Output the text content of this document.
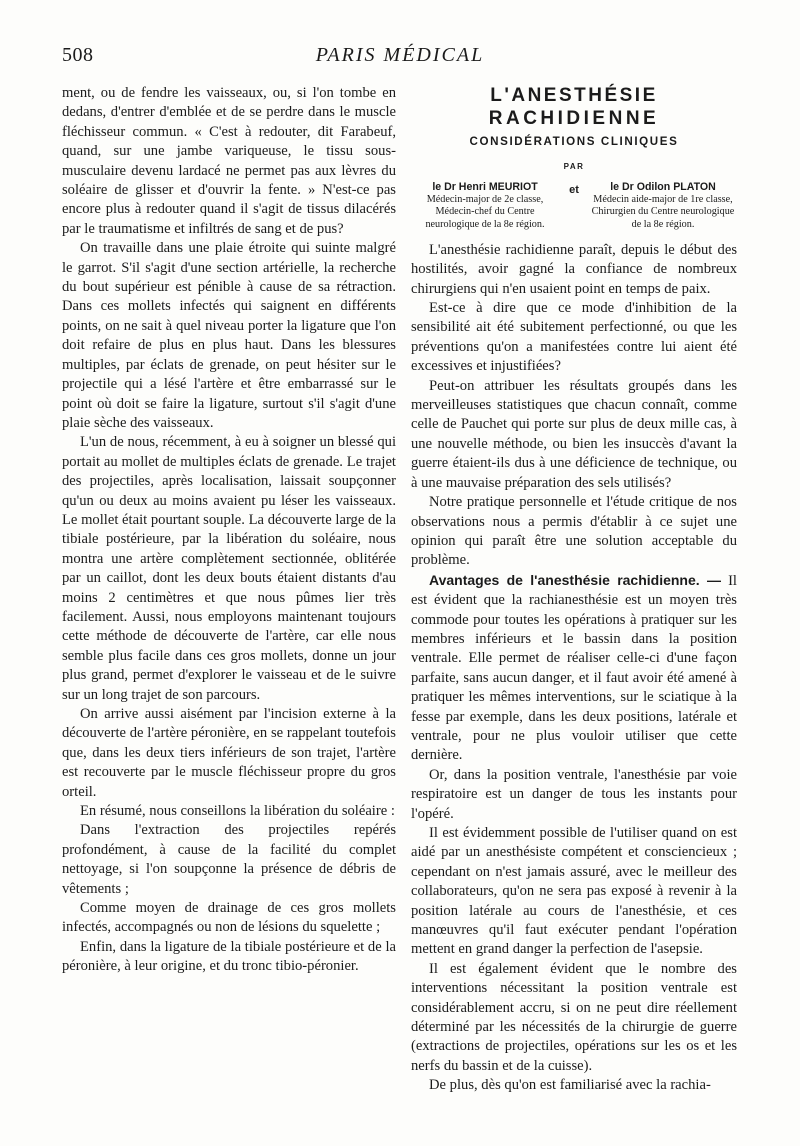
508	PARIS MÉDICAL

ment, ou de fendre les vaisseaux, ou, si l'on tombe en dedans, d'entrer d'emblée et de se perdre dans le muscle fléchisseur commun. « C'est à redouter, dit Farabeuf, quand, sur une jambe variqueuse, le tissu sous-musculaire devenu lardacé ne permet pas aux lèvres du soléaire de glisser et d'ouvrir la fente. » N'est-ce pas encore plus à redouter quand il s'agit de tissus dilacérés par le traumatisme et infiltrés de sang et de pus?

On travaille dans une plaie étroite qui suinte malgré le garrot. S'il s'agit d'une section artérielle, la recherche du bout supérieur est pénible à cause de sa rétraction. Dans ces mollets infectés qui saignent en différents points, on ne sait à quel niveau porter la ligature que l'on doit refaire de plus en plus haut. Dans les blessures multiples, par éclats de grenade, on peut hésiter sur le projectile qui a lésé l'artère et être embarrassé sur le point où doit se faire la ligature, surtout s'il s'agit d'une plaie sèche des vaisseaux.

L'un de nous, récemment, à eu à soigner un blessé qui portait au mollet de multiples éclats de grenade. Le trajet des projectiles, après localisation, laissait soupçonner qu'un ou deux au moins avaient pu léser les vaisseaux. Le mollet était pourtant souple. La découverte large de la tibiale postérieure, par la libération du soléaire, nous montra une artère complètement sectionnée, oblitérée par un caillot, dont les deux bouts étaient distants d'au moins 2 centimètres et que nous pûmes lier très facilement. Aussi, nous employons maintenant toujours cette méthode de découverte de l'artère, car elle nous semble plus facile dans ces gros mollets, donne un jour plus grand, permet d'explorer le vaisseau et de le suivre sur un long trajet de son parcours.

On arrive aussi aisément par l'incision externe à la découverte de l'artère péronière, en se rappelant toutefois que, dans les deux tiers inférieurs de son trajet, l'artère est recouverte par le muscle fléchisseur propre du gros orteil.

En résumé, nous conseillons la libération du soléaire :

Dans l'extraction des projectiles repérés profondément, à cause de la facilité du complet nettoyage, si l'on soupçonne la présence de débris de vêtements ;

Comme moyen de drainage de ces gros mollets infectés, accompagnés ou non de lésions du squelette ;

Enfin, dans la ligature de la tibiale postérieure et de la péronière, à leur origine, et du tronc tibio-péronier.

L'ANESTHÉSIE
RACHIDIENNE
CONSIDÉRATIONS CLINIQUES
PAR
le Dr Henri MEURIOT
Médecin-major de 2e classe, Médecin-chef du Centre neurologique de la 8e région.
et	le Dr Odilon PLATON
Médecin aide-major de 1re classe, Chirurgien du Centre neurologique de la 8e région.

L'anesthésie rachidienne paraît, depuis le début des hostilités, avoir gagné la confiance de nombreux chirurgiens qui n'en usaient point en temps de paix.

Est-ce à dire que ce mode d'inhibition de la sensibilité ait été subitement perfectionné, ou que les préventions qu'on a manifestées contre lui aient été excessives et injustifiées?

Peut-on attribuer les résultats groupés dans les merveilleuses statistiques que chacun connaît, comme celle de Pauchet qui porte sur plus de deux mille cas, à une nouvelle méthode, ou bien les insuccès d'avant la guerre étaient-ils dus à une déficience de technique, ou à une mauvaise préparation des sels utilisés?

Notre pratique personnelle et l'étude critique de nos observations nous a permis d'établir à ce sujet une opinion qui paraît être une solution acceptable du problème.

Avantages de l'anesthésie rachidienne. — Il est évident que la rachianesthésie est un moyen très commode pour toutes les opérations à pratiquer sur les membres inférieurs et le bassin dans la position ventrale. Elle permet de réaliser celle-ci d'une façon parfaite, sans aucun danger, et il faut avoir été amené à pratiquer les mêmes interventions, sur le sciatique à la fesse par exemple, dans les deux positions, latérale et ventrale, pour ne plus vouloir utiliser que cette dernière.

Or, dans la position ventrale, l'anesthésie par voie respiratoire est un danger de tous les instants pour l'opéré.

Il est évidemment possible de l'utiliser quand on est aidé par un anesthésiste compétent et consciencieux ; cependant on n'est jamais assuré, avec le meilleur des collaborateurs, qu'on ne sera pas exposé à revenir à la position latérale au cours de l'anesthésie, et ces manœuvres qu'il faut exécuter pendant l'opération mettent en grand danger la perfection de l'asepsie.

Il est également évident que le nombre des interventions nécessitant la position ventrale est considérablement accru, si on ne peut dire réellement déterminé par les nécessités de la chirurgie de guerre (extractions de projectiles, opérations sur les os et les nerfs du bassin et de la cuisse).

De plus, dès qu'on est familiarisé avec la rachia-
